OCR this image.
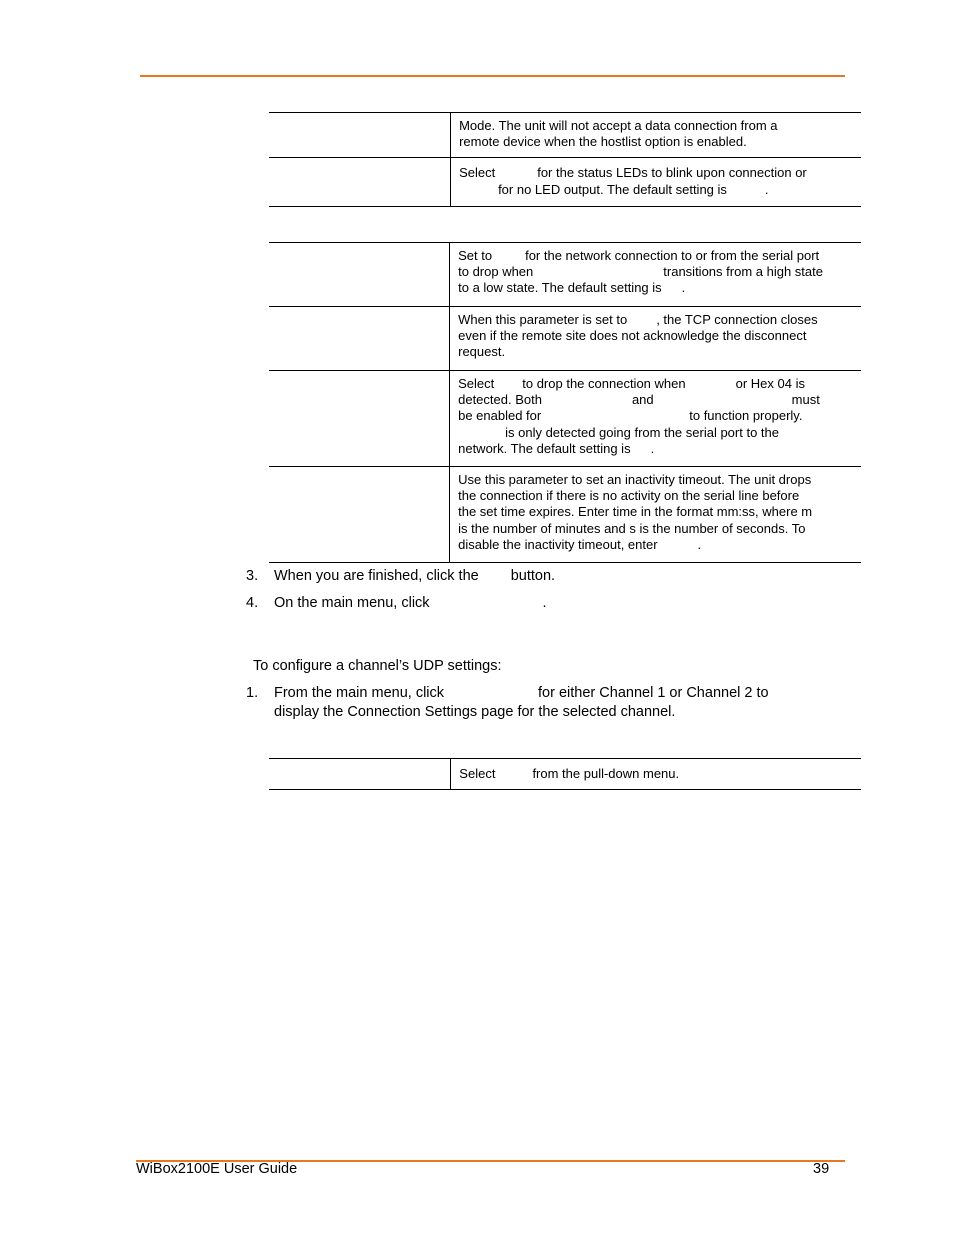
	Mode. The unit will not accept a data connection from a
remote device when the hostlist option is enabled.

	Select for the status LEDs to blink upon connection or
for no LED output. The default setting is .

	Set to for the network connection to or from the serial port
to drop when transitions from a high state
to a low state. The default setting is .

	When this parameter is set to , the TCP connection closes
even if the remote site does not acknowledge the disconnect
request.

	Select to drop the connection when or Hex 04 is
detected. Both and must
be enabled for to function properly.
is only detected going from the serial port to the
network. The default setting is .

	Use this parameter to set an inactivity timeout. The unit drops
the connection if there is no activity on the serial line before
the set time expires. Enter time in the format mm:ss, where m
is the number of minutes and s is the number of seconds. To
disable the inactivity timeout, enter .
3. When you are finished, click the button.
4. On the main menu, click	.
To configure a channel’s UDP settings:
1. From the main menu, click	for either Channel 1 or Channel 2 to
display the Connection Settings page for the selected channel.

Select	from the pull-down menu.
WiBox2100E User Guide	39
